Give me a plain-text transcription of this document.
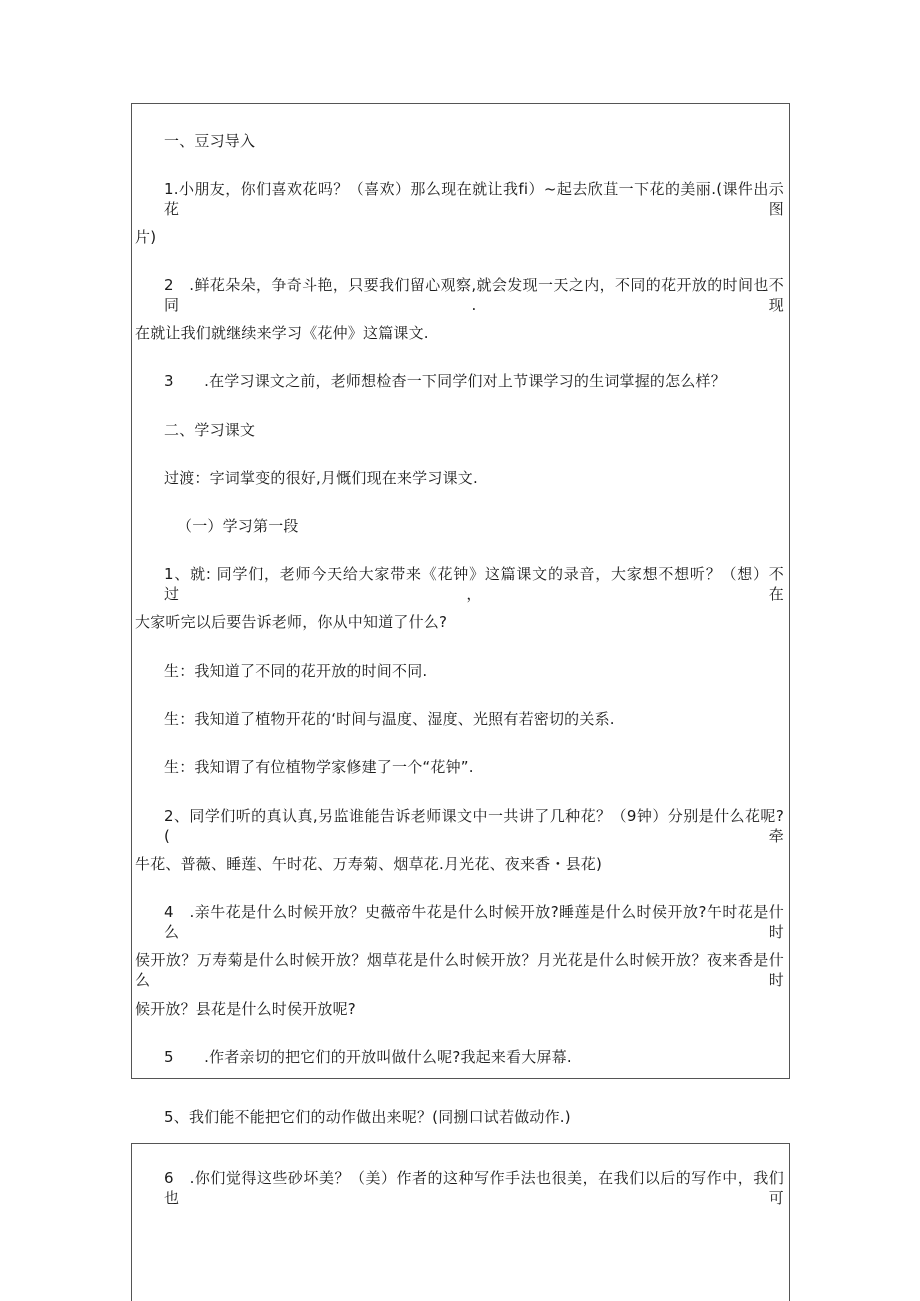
一、豆习导入
1.小朋友，你们喜欢花吗？（喜欢）那么现在就让我fi）~起去欣苴一下花的美丽.(课件出示花图
片)
2　.鲜花朵朵，争奇斗艳，只要我们留心观察,就会发现一天之内，不同的花开放的时间也不同.现
在就让我们就继续来学习《花仲》这篇课文.
3　　.在学习课文之前，老师想检杳一下同学们对上节课学习的生词掌握的怎么样？
二、学习课文
过渡：字词掌变的很好,月慨们现在来学习课文.
（一）学习第一段
1、就: 同学们，老师今天给大家带来《花钟》这篇课文的录音，大家想不想听？（想）不过，在
大家听完以后要告诉老师，你从中知道了什么?
生：我知道了不同的花开放的时间不同.
生：我知道了植物开花的‘时间与温度、湿度、光照有若密切的关系.
生：我知谓了有位植物学家修建了一个“花钟”.
2、同学们听的真认真,另监谁能告诉老师课文中一共讲了几种花？（9钟）分别是什么花呢?(牵
牛花、普薇、睡莲、午时花、万寿菊、烟草花.月光花、夜来香・县花)
4　.亲牛花是什么时候开放？史薇帝牛花是什么时候开放?睡莲是什么时侯开放?午时花是什么时
侯开放？万寿菊是什么时候开放？烟草花是什么时候开放？月光花是什么时候开放？夜来香是什么时
候开放？县花是什么时侯开放呢?
5　　.作者亲切的把它们的开放叫做什么呢?我起来看大屏幕.
5、我们能不能把它们的动作做出来呢？(同捌口试若做动作.)
6　.你们觉得这些砂坏美？（美）作者的这种写作手法也很美，在我们以后的写作中，我们也可
